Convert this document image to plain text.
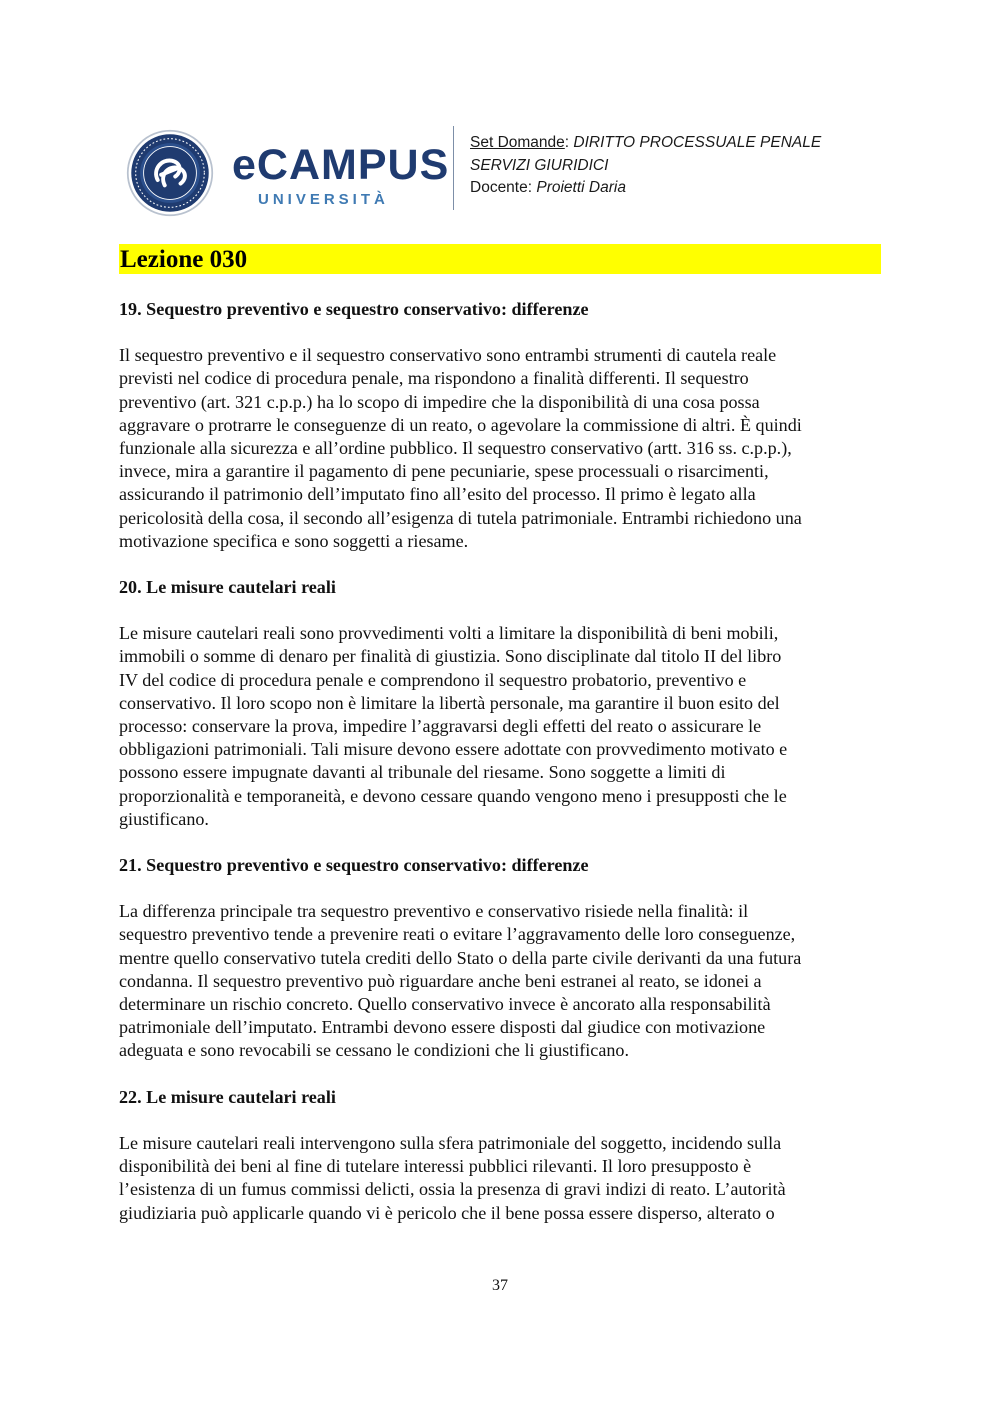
eCAMPUS
UNIVERSITÀ
Set Domande: DIRITTO PROCESSUALE PENALE
SERVIZI GIURIDICI
Docente: Proietti Daria
Lezione 030

19. Sequestro preventivo e sequestro conservativo: differenze

Il sequestro preventivo e il sequestro conservativo sono entrambi strumenti di cautela reale

previsti nel codice di procedura penale, ma rispondono a finalità differenti. Il sequestro

preventivo (art. 321 c.p.p.) ha lo scopo di impedire che la disponibilità di una cosa possa

aggravare o protrarre le conseguenze di un reato, o agevolare la commissione di altri. È quindi

funzionale alla sicurezza e all’ordine pubblico. Il sequestro conservativo (artt. 316 ss. c.p.p.),

invece, mira a garantire il pagamento di pene pecuniarie, spese processuali o risarcimenti,

assicurando il patrimonio dell’imputato fino all’esito del processo. Il primo è legato alla

pericolosità della cosa, il secondo all’esigenza di tutela patrimoniale. Entrambi richiedono una

motivazione specifica e sono soggetti a riesame.

20. Le misure cautelari reali

Le misure cautelari reali sono provvedimenti volti a limitare la disponibilità di beni mobili,

immobili o somme di denaro per finalità di giustizia. Sono disciplinate dal titolo II del libro

IV del codice di procedura penale e comprendono il sequestro probatorio, preventivo e

conservativo. Il loro scopo non è limitare la libertà personale, ma garantire il buon esito del

processo: conservare la prova, impedire l’aggravarsi degli effetti del reato o assicurare le

obbligazioni patrimoniali. Tali misure devono essere adottate con provvedimento motivato e

possono essere impugnate davanti al tribunale del riesame. Sono soggette a limiti di

proporzionalità e temporaneità, e devono cessare quando vengono meno i presupposti che le

giustificano.

21. Sequestro preventivo e sequestro conservativo: differenze

La differenza principale tra sequestro preventivo e conservativo risiede nella finalità: il

sequestro preventivo tende a prevenire reati o evitare l’aggravamento delle loro conseguenze,

mentre quello conservativo tutela crediti dello Stato o della parte civile derivanti da una futura

condanna. Il sequestro preventivo può riguardare anche beni estranei al reato, se idonei a

determinare un rischio concreto. Quello conservativo invece è ancorato alla responsabilità

patrimoniale dell’imputato. Entrambi devono essere disposti dal giudice con motivazione

adeguata e sono revocabili se cessano le condizioni che li giustificano.

22. Le misure cautelari reali

Le misure cautelari reali intervengono sulla sfera patrimoniale del soggetto, incidendo sulla

disponibilità dei beni al fine di tutelare interessi pubblici rilevanti. Il loro presupposto è

l’esistenza di un fumus commissi delicti, ossia la presenza di gravi indizi di reato. L’autorità

giudiziaria può applicarle quando vi è pericolo che il bene possa essere disperso, alterato o

37
